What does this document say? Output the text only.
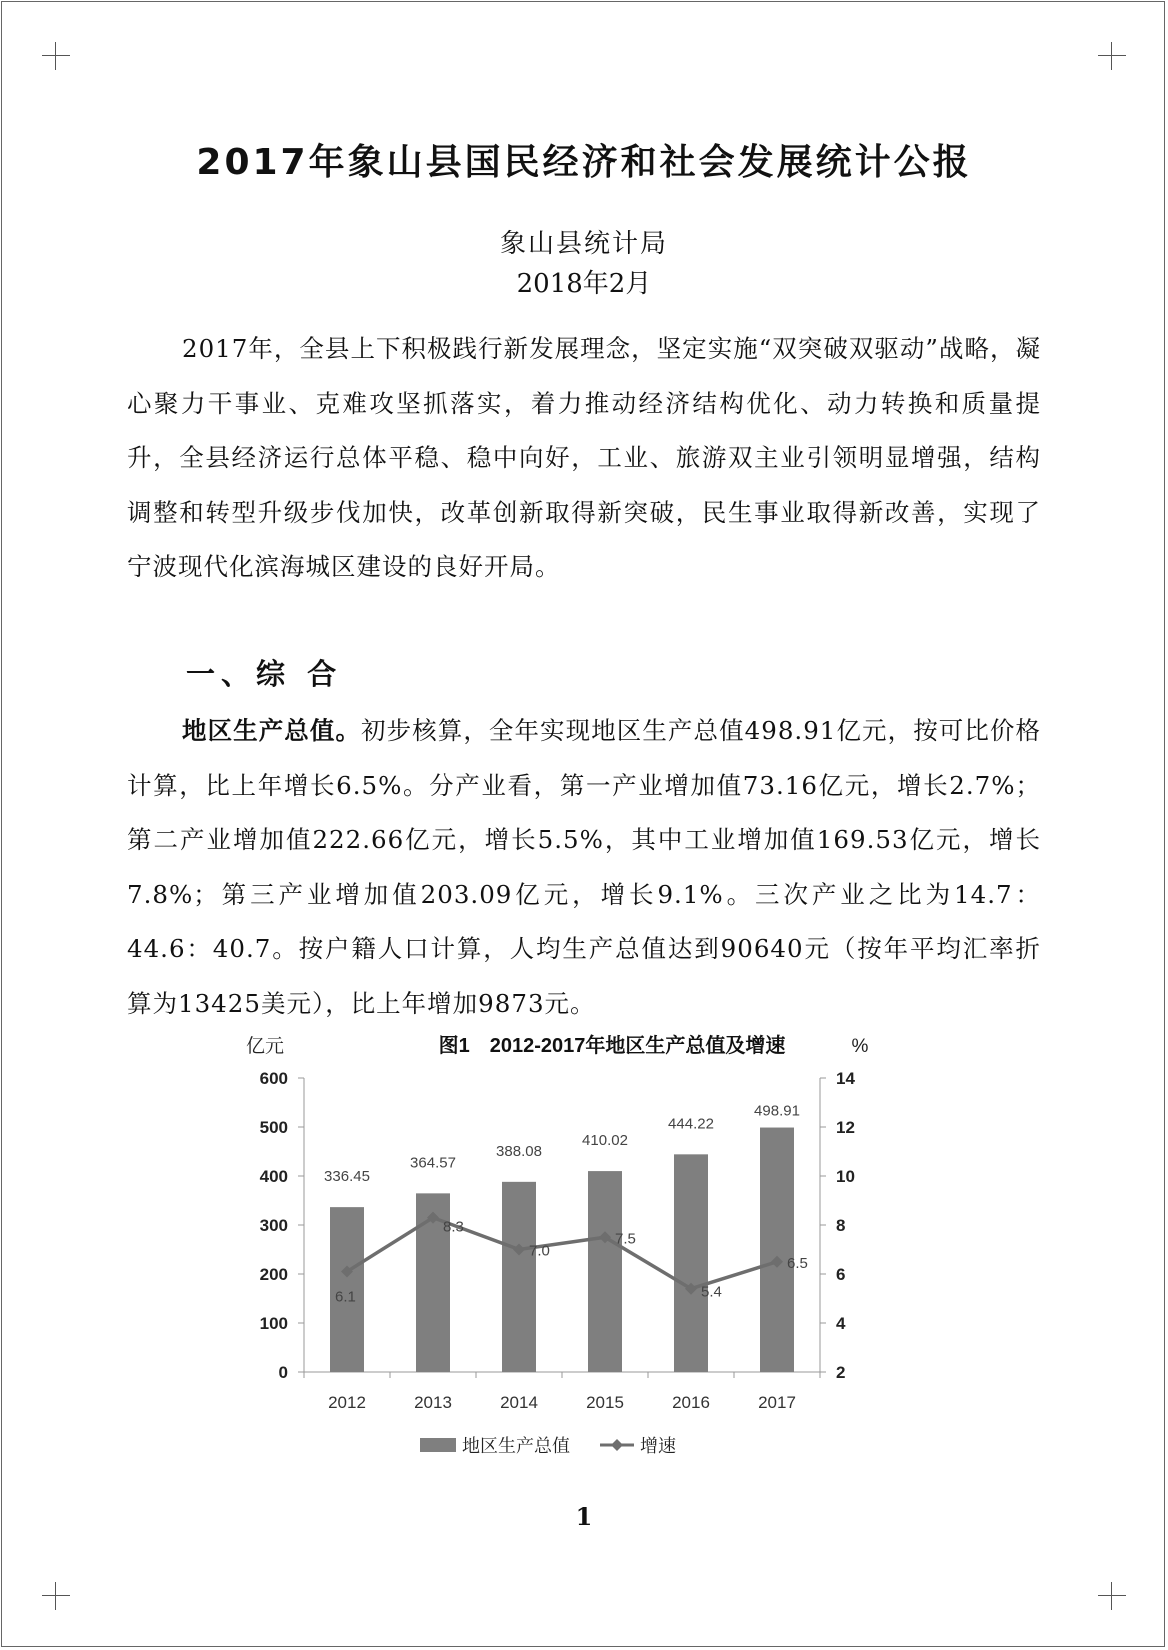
2017年象山县国民经济和社会发展统计公报
象山县统计局
2018年2月

2017年，全县上下积极践行新发展理念，坚定实施“双突破双驱动”战略，凝心聚力干事业、克难攻坚抓落实，着力推动经济结构优化、动力转换和质量提升，全县经济运行总体平稳、稳中向好，工业、旅游双主业引领明显增强，结构调整和转型升级步伐加快，改革创新取得新突破，民生事业取得新改善，实现了宁波现代化滨海城区建设的良好开局。

一、综 合

地区生产总值。初步核算，全年实现地区生产总值498.91亿元，按可比价格计算，比上年增长6.5%。分产业看，第一产业增加值73.16亿元，增长2.7%；第二产业增加值222.66亿元，增长5.5%，其中工业增加值169.53亿元，增长7.8%；第三产业增加值203.09亿元，增长9.1%。三次产业之比为14.7：44.6：40.7。按户籍人口计算，人均生产总值达到90640元（按年平均汇率折算为13425美元），比上年增加9873元。

图1　2012-2017年地区生产总值及增速
亿元	%
0
100
200
300
400
500
600
2
4
6
8
10
12
14
336.45
2012
364.57
2013
388.08
2014
410.02
2015
444.22
2016
498.91
2017
6.1
8.3
7.0
7.5
5.4
6.5
地区生产总值	增速
1
